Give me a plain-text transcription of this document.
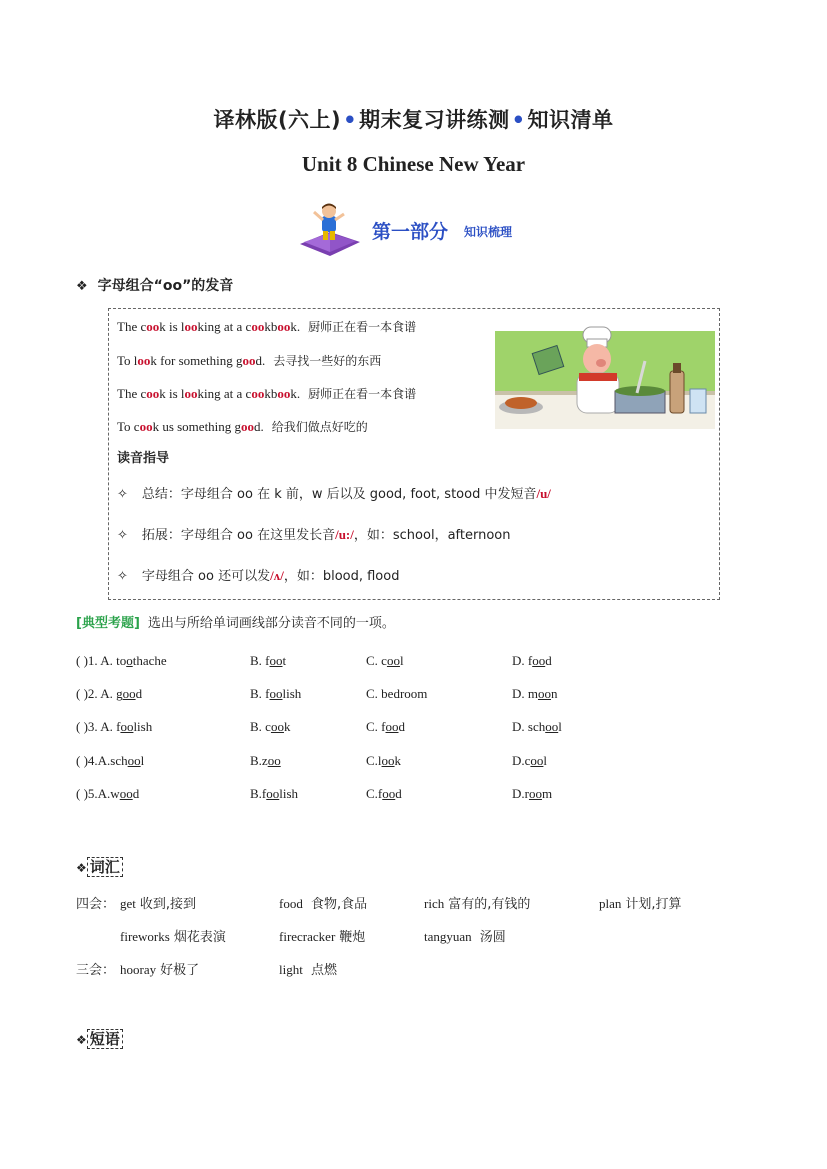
译林版(六上)•期末复习讲练测•知识清单
Unit 8 Chinese New Year
第一部分 知识梳理
❖ 字母组合“oo”的发音
The cook is looking at a cookbook. 厨师正在看一本食谱
To look for something good. 去寻找一些好的东西
The cook is looking at a cookbook. 厨师正在看一本食谱
To cook us something good. 给我们做点好吃的
读音指导
✧ 总结：字母组合 oo 在 k 前，w 后以及 good, foot, stood 中发短音/u/
✧ 拓展：字母组合 oo 在这里发长音/u:/，如：school，afternoon
✧ 字母组合 oo 还可以发/ʌ/，如：blood, flood
[典型考题] 选出与所给单词画线部分读音不同的一项。
( )1. A. toothache	B. foot	C. cool	D. food
( )2. A. good	B. foolish	C. bedroom	D. moon
( )3. A. foolish	B. cook	C. food	D. school
( )4.A.school	B.zoo	C.look	D.cool
( )5.A.wood	B.foolish	C.food	D.room
❖ 词汇
四会： get 收到,接到	food 食物,食品	rich 富有的,有钱的	plan 计划,打算
fireworks 烟花表演	firecracker 鞭炮	tangyuan 汤圆
三会： hooray 好极了	light 点燃
❖ 短语
